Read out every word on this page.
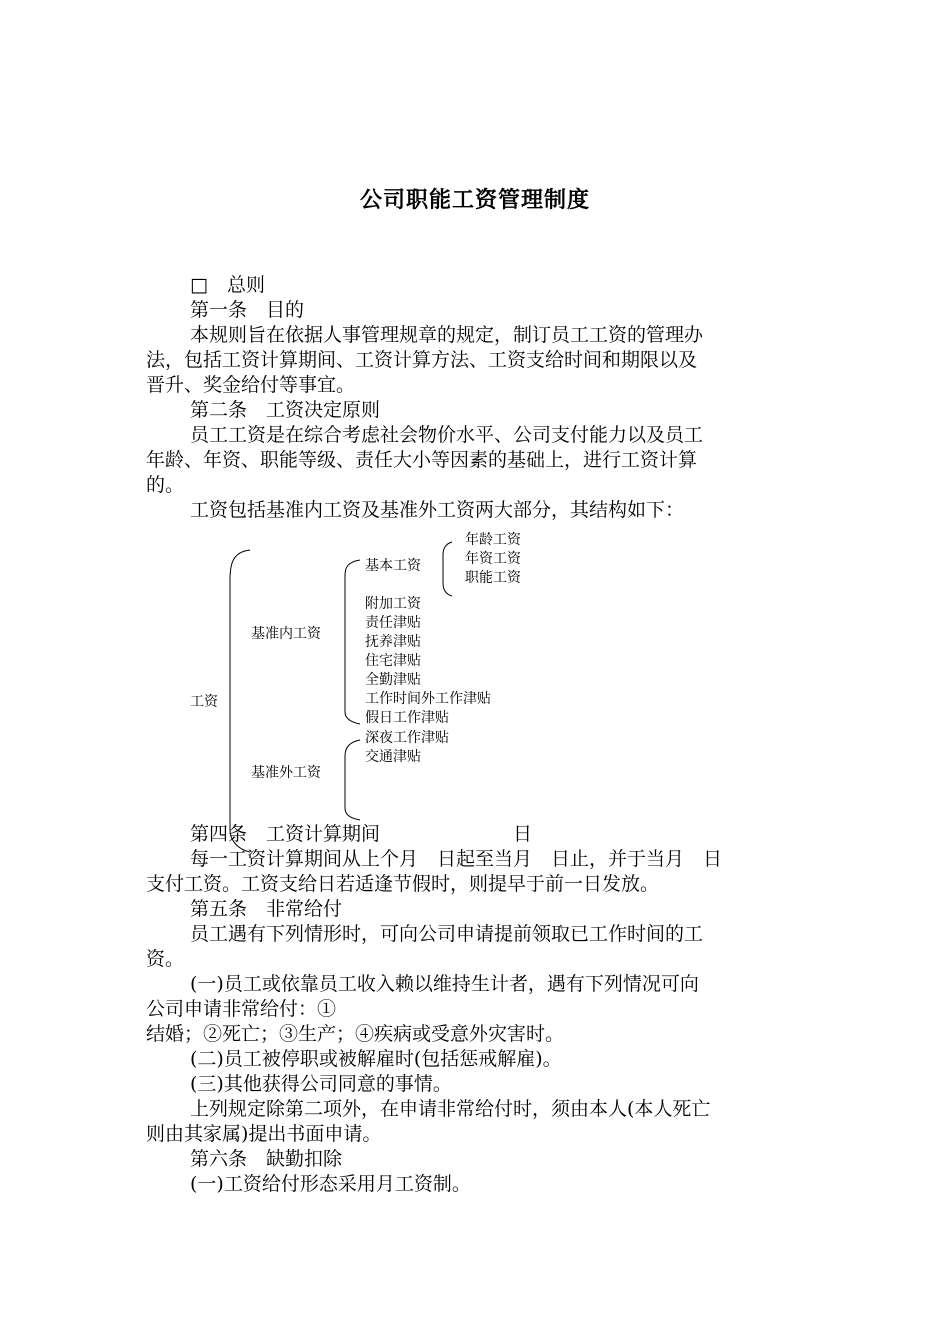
公司职能工资管理制度
□　总则
第一条　目的
本规则旨在依据人事管理规章的规定，制订员工工资的管理办
法，包括工资计算期间、工资计算方法、工资支给时间和期限以及
晋升、奖金给付等事宜。
第二条　工资决定原则
员工工资是在综合考虑社会物价水平、公司支付能力以及员工
年龄、年资、职能等级、责任大小等因素的基础上，进行工资计算
的。
工资包括基准内工资及基准外工资两大部分，其结构如下：
工资
基准内工资
基准外工资
基本工资
年龄工资
年资工资
职能工资
附加工资
责任津贴
抚养津贴
住宅津贴
全勤津贴
工作时间外工作津贴
假日工作津贴
深夜工作津贴
交通津贴
第四条　工资计算期间　　　　　　　日
每一工资计算期间从上个月　日起至当月　日止，并于当月　日
支付工资。工资支给日若适逢节假时，则提早于前一日发放。
第五条　非常给付
员工遇有下列情形时，可向公司申请提前领取已工作时间的工
资。
(一)员工或依靠员工收入赖以维持生计者，遇有下列情况可向
公司申请非常给付：①
结婚；②死亡；③生产；④疾病或受意外灾害时。
(二)员工被停职或被解雇时(包括惩戒解雇)。
(三)其他获得公司同意的事情。
上列规定除第二项外，在申请非常给付时，须由本人(本人死亡
则由其家属)提出书面申请。
第六条　缺勤扣除
(一)工资给付形态采用月工资制。
